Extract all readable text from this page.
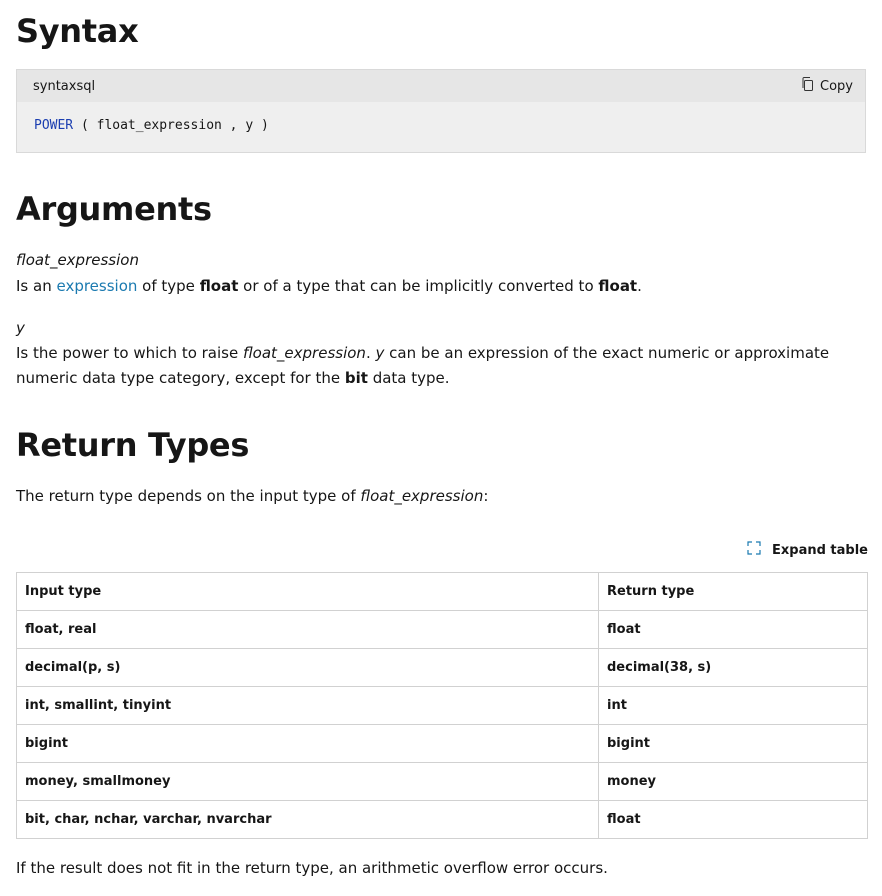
Syntax
syntaxsql	Copy
POWER ( float_expression , y )
Arguments
float_expression
Is an expression of type float or of a type that can be implicitly converted to float.
y
Is the power to which to raise float_expression. y can be an expression of the exact numeric or approximate numeric data type category, except for the bit data type.
Return Types
The return type depends on the input type of float_expression:
Expand table
Input type	Return type
float, real	float
decimal(p, s)	decimal(38, s)
int, smallint, tinyint	int
bigint	bigint
money, smallmoney	money
bit, char, nchar, varchar, nvarchar	float
If the result does not fit in the return type, an arithmetic overflow error occurs.
